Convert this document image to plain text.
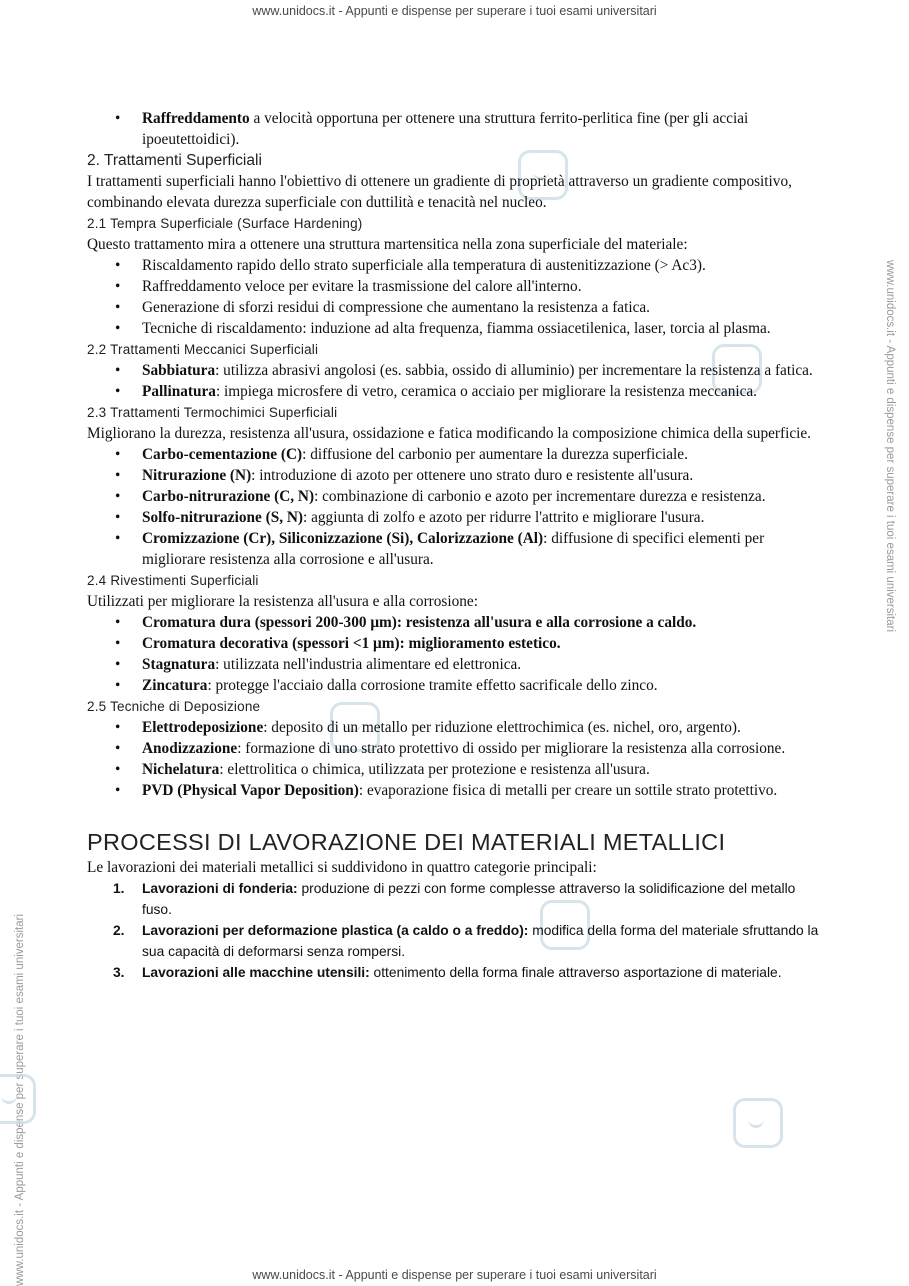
www.unidocs.it - Appunti e dispense per superare i tuoi esami universitari
www.unidocs.it - Appunti e dispense per superare i tuoi esami universitari
www.unidocs.it - Appunti e dispense per superare i tuoi esami universitari
• Raffreddamento a velocità opportuna per ottenere una struttura ferrito-perlitica fine (per gli acciai ipoeutettoidici).
2. Trattamenti Superficiali
I trattamenti superficiali hanno l'obiettivo di ottenere un gradiente di proprietà attraverso un gradiente compositivo, combinando elevata durezza superficiale con duttilità e tenacità nel nucleo.
2.1 Tempra Superficiale (Surface Hardening)
Questo trattamento mira a ottenere una struttura martensitica nella zona superficiale del materiale:
• Riscaldamento rapido dello strato superficiale alla temperatura di austenitizzazione (> Ac3).
• Raffreddamento veloce per evitare la trasmissione del calore all'interno.
• Generazione di sforzi residui di compressione che aumentano la resistenza a fatica.
• Tecniche di riscaldamento: induzione ad alta frequenza, fiamma ossiacetilenica, laser, torcia al plasma.
2.2 Trattamenti Meccanici Superficiali
• Sabbiatura: utilizza abrasivi angolosi (es. sabbia, ossido di alluminio) per incrementare la resistenza a fatica.
• Pallinatura: impiega microsfere di vetro, ceramica o acciaio per migliorare la resistenza meccanica.
2.3 Trattamenti Termochimici Superficiali
Migliorano la durezza, resistenza all'usura, ossidazione e fatica modificando la composizione chimica della superficie.
• Carbo-cementazione (C): diffusione del carbonio per aumentare la durezza superficiale.
• Nitrurazione (N): introduzione di azoto per ottenere uno strato duro e resistente all'usura.
• Carbo-nitrurazione (C, N): combinazione di carbonio e azoto per incrementare durezza e resistenza.
• Solfo-nitrurazione (S, N): aggiunta di zolfo e azoto per ridurre l'attrito e migliorare l'usura.
• Cromizzazione (Cr), Siliconizzazione (Si), Calorizzazione (Al): diffusione di specifici elementi per migliorare resistenza alla corrosione e all'usura.
2.4 Rivestimenti Superficiali
Utilizzati per migliorare la resistenza all'usura e alla corrosione:
• Cromatura dura (spessori 200-300 μm): resistenza all'usura e alla corrosione a caldo.
• Cromatura decorativa (spessori <1 μm): miglioramento estetico.
• Stagnatura: utilizzata nell'industria alimentare ed elettronica.
• Zincatura: protegge l'acciaio dalla corrosione tramite effetto sacrificale dello zinco.
2.5 Tecniche di Deposizione
• Elettrodeposizione: deposito di un metallo per riduzione elettrochimica (es. nichel, oro, argento).
• Anodizzazione: formazione di uno strato protettivo di ossido per migliorare la resistenza alla corrosione.
• Nichelatura: elettrolitica o chimica, utilizzata per protezione e resistenza all'usura.
• PVD (Physical Vapor Deposition): evaporazione fisica di metalli per creare un sottile strato protettivo.
PROCESSI DI LAVORAZIONE DEI MATERIALI METALLICI
Le lavorazioni dei materiali metallici si suddividono in quattro categorie principali:
1. Lavorazioni di fonderia: produzione di pezzi con forme complesse attraverso la solidificazione del metallo fuso.
2. Lavorazioni per deformazione plastica (a caldo o a freddo): modifica della forma del materiale sfruttando la sua capacità di deformarsi senza rompersi.
3. Lavorazioni alle macchine utensili: ottenimento della forma finale attraverso asportazione di materiale.
www.unidocs.it - Appunti e dispense per superare i tuoi esami universitari
